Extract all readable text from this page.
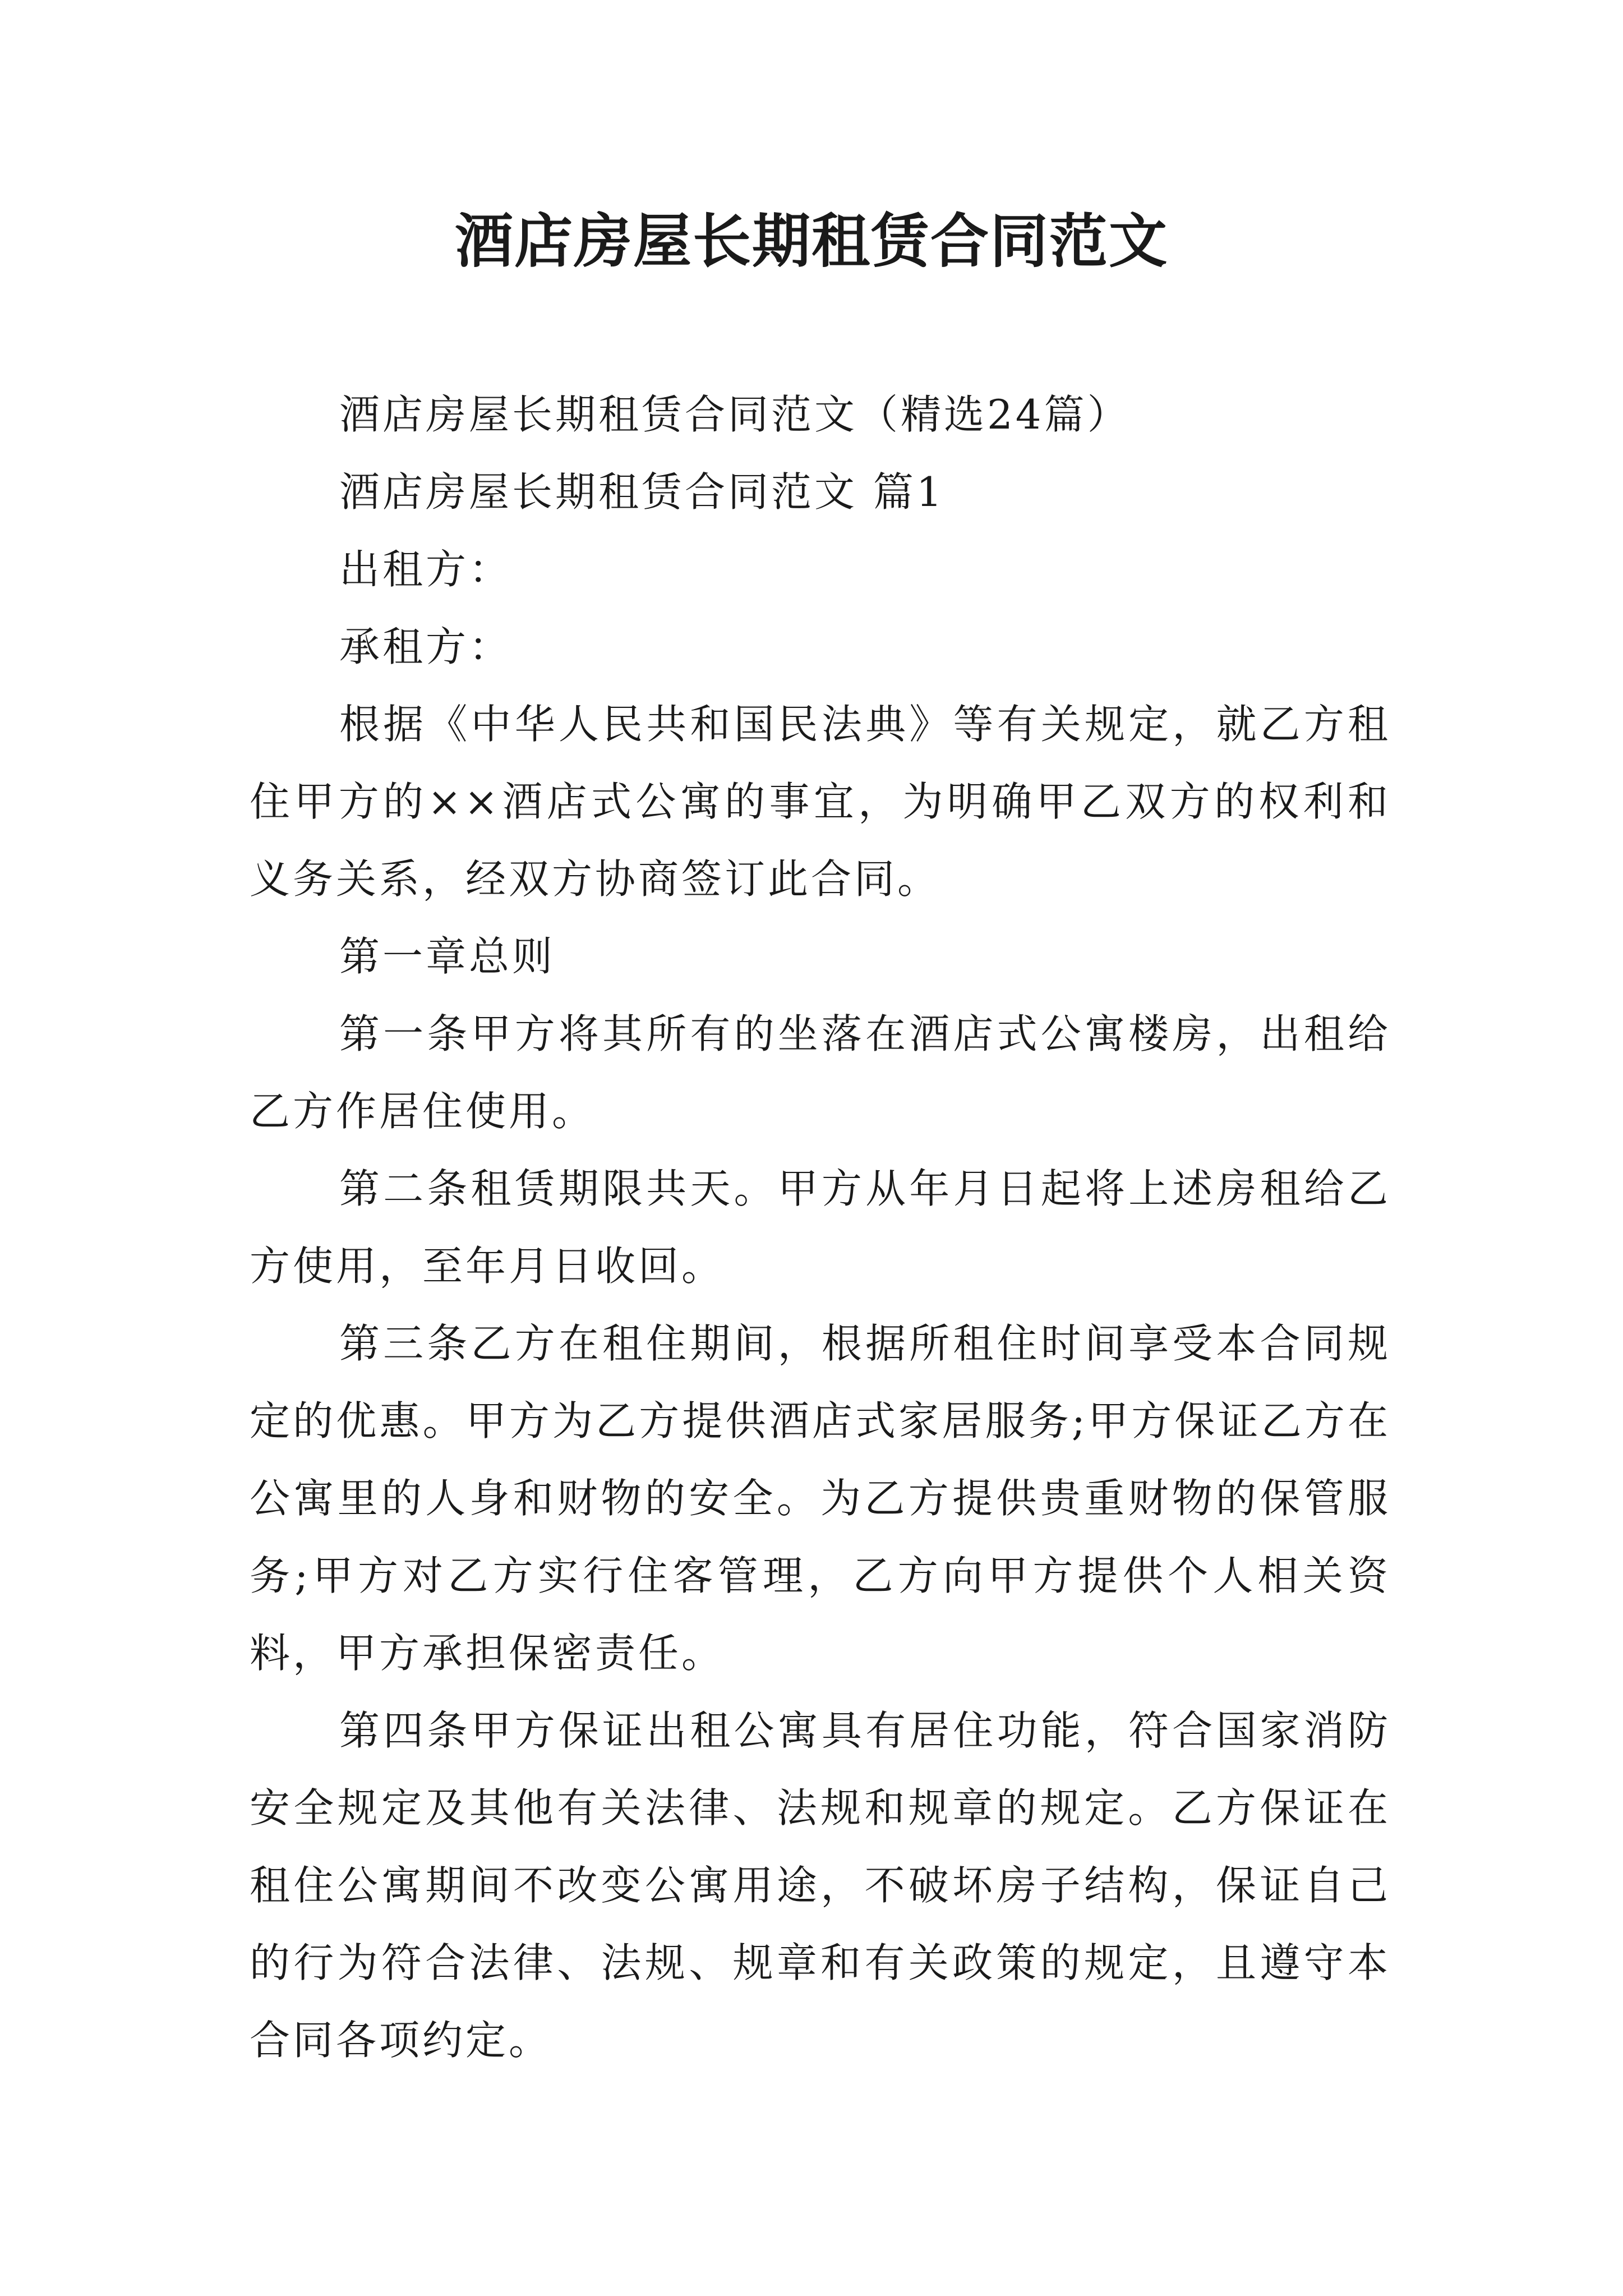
酒店房屋长期租赁合同范文

酒店房屋长期租赁合同范文（精选24篇）

酒店房屋长期租赁合同范文 篇1

出租方：

承租方：

根据《中华人民共和国民法典》等有关规定，就乙方租住甲方的××酒店式公寓的事宜，为明确甲乙双方的权利和义务关系，经双方协商签订此合同。

第一章总则

第一条甲方将其所有的坐落在酒店式公寓楼房，出租给乙方作居住使用。

第二条租赁期限共天。甲方从年月日起将上述房租给乙方使用，至年月日收回。

第三条乙方在租住期间，根据所租住时间享受本合同规定的优惠。甲方为乙方提供酒店式家居服务;甲方保证乙方在公寓里的人身和财物的安全。为乙方提供贵重财物的保管服务;甲方对乙方实行住客管理，乙方向甲方提供个人相关资料，甲方承担保密责任。

第四条甲方保证出租公寓具有居住功能，符合国家消防安全规定及其他有关法律、法规和规章的规定。乙方保证在租住公寓期间不改变公寓用途，不破坏房子结构，保证自己的行为符合法律、法规、规章和有关政策的规定，且遵守本合同各项约定。
